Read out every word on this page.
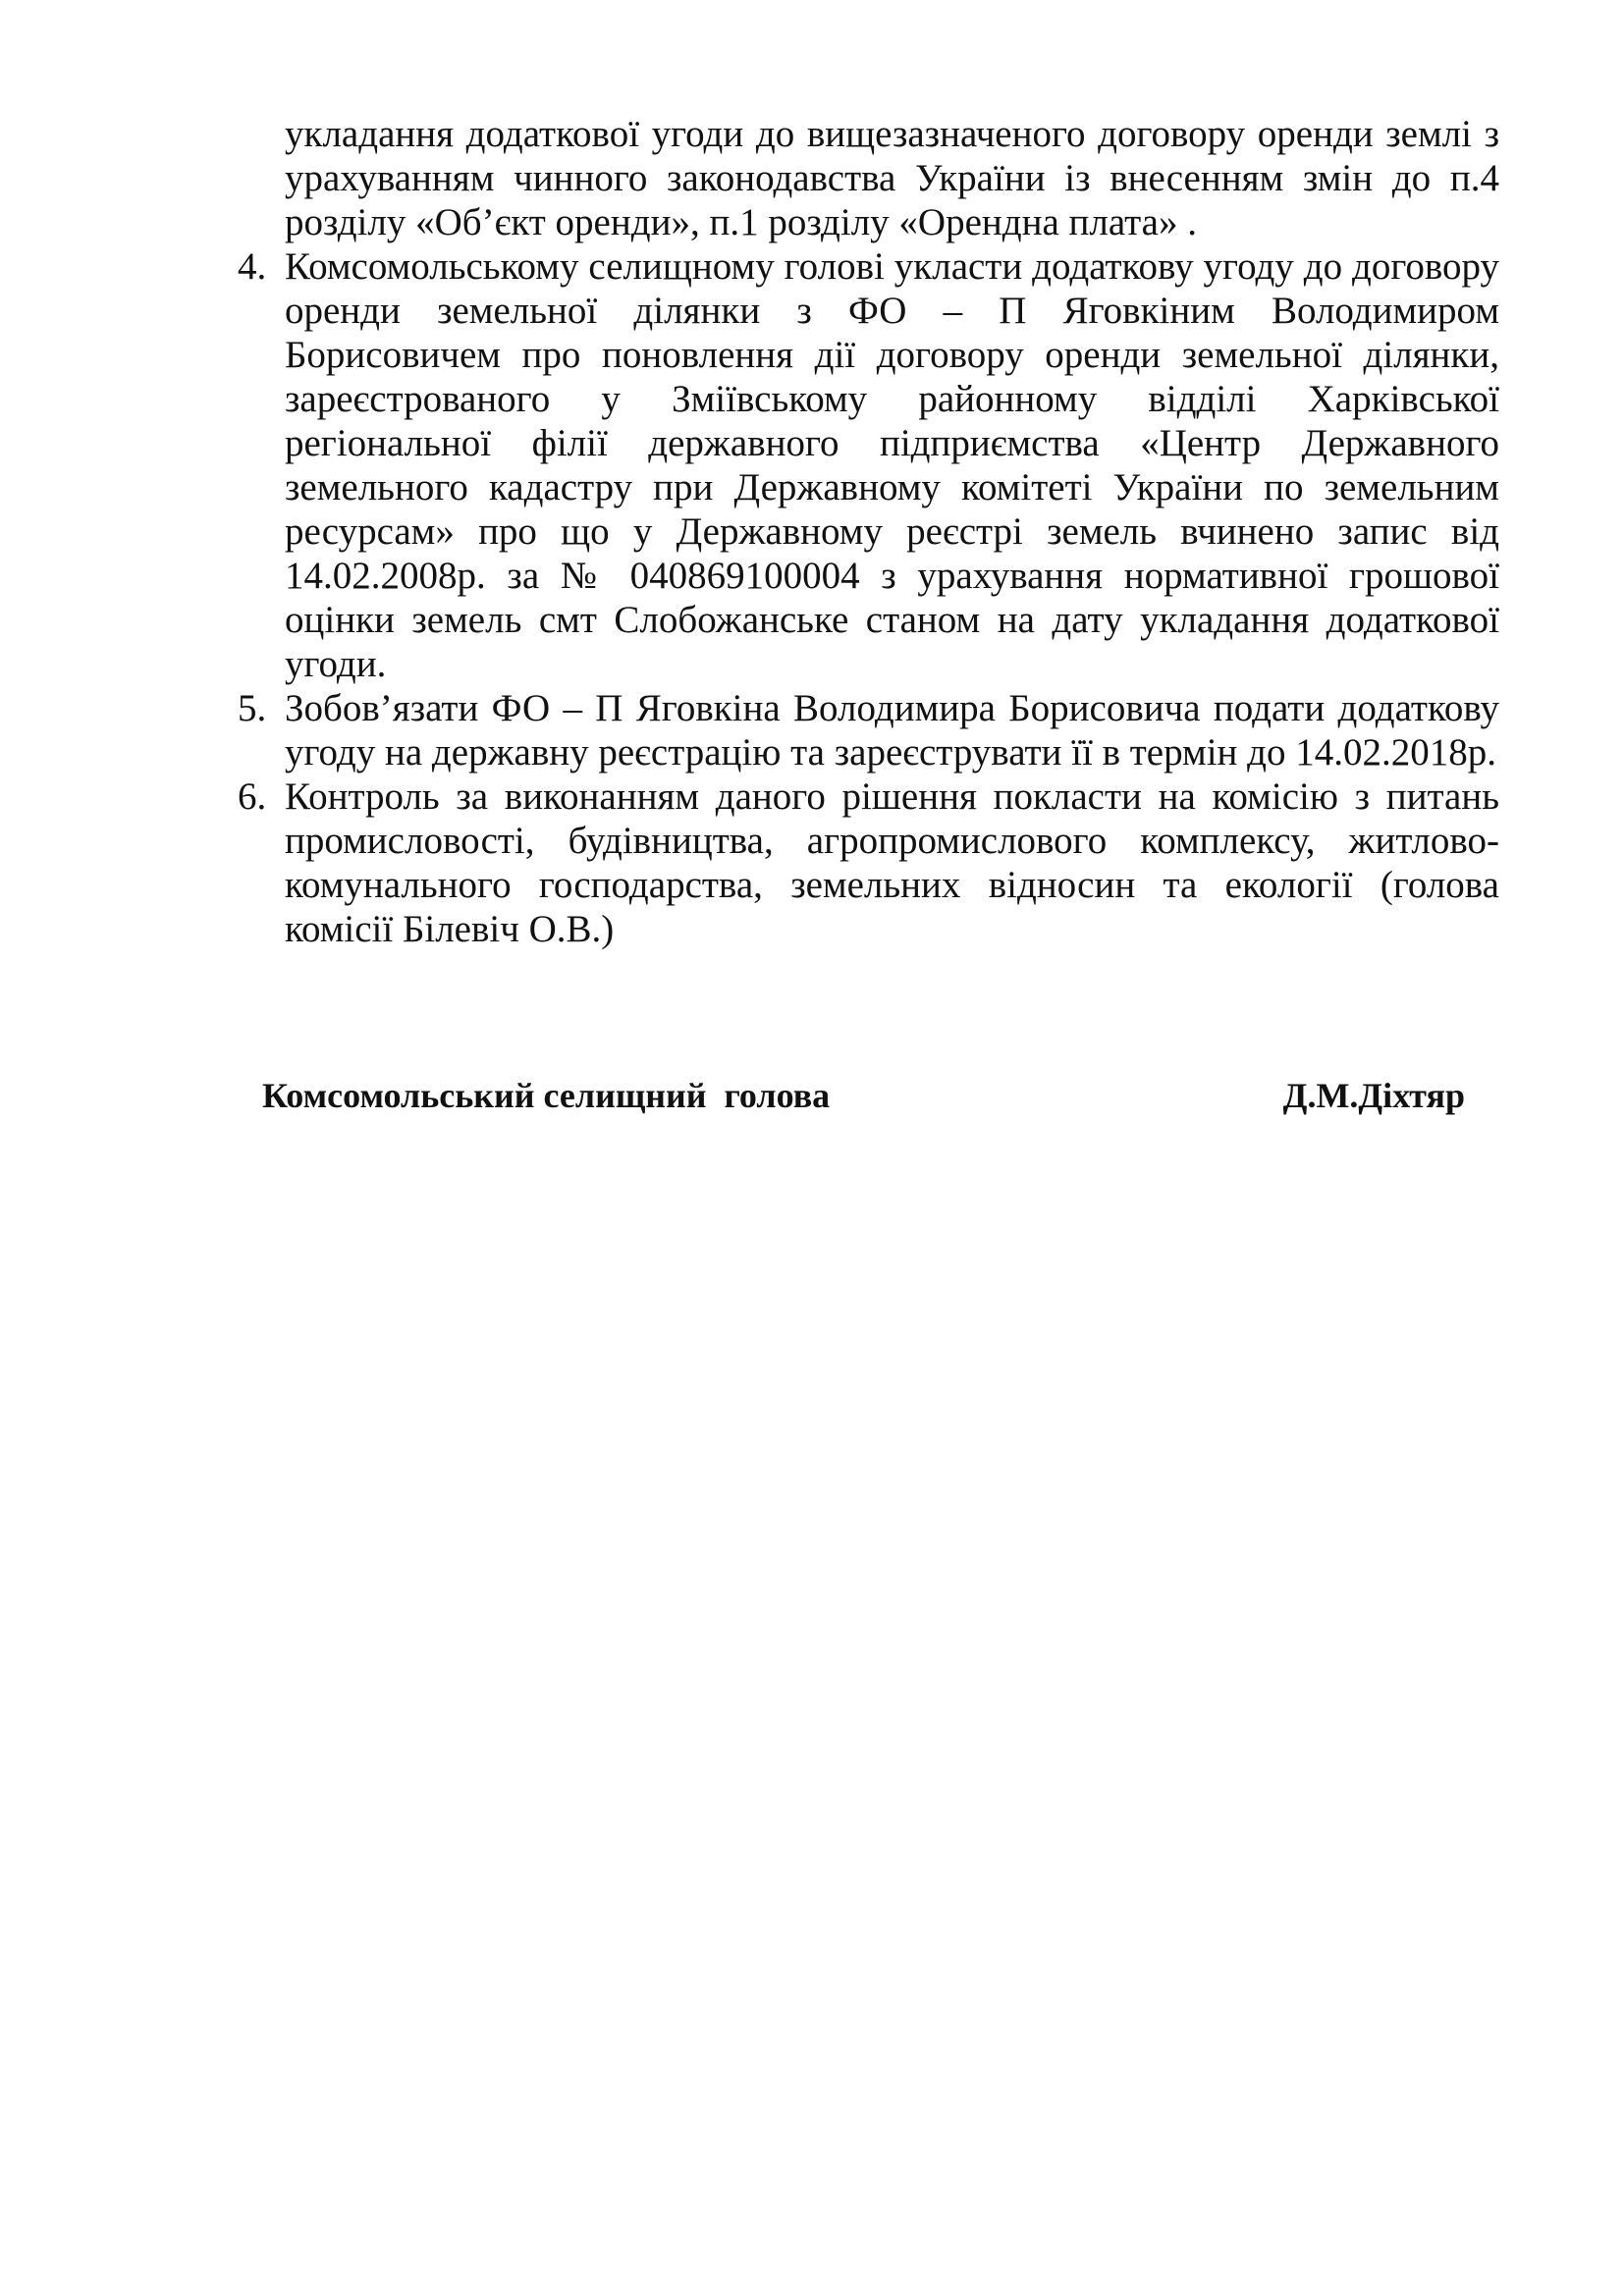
укладання додаткової угоди до вищезазначеного договору оренди землі з урахуванням чинного законодавства України із внесенням змін до п.4 розділу «Об’єкт оренди», п.1 розділу «Орендна плата» .

4. Комсомольському селищному голові укласти додаткову угоду до договору оренди земельної ділянки з ФО – П Яговкіним Володимиром Борисовичем про поновлення дії договору оренди земельної ділянки, зареєстрованого у Зміївському районному відділі Харківської регіональної філії державного підприємства «Центр Державного земельного кадастру при Державному комітеті України по земельним ресурсам» про що у Державному реєстрі земель вчинено запис від 14.02.2008р. за № 040869100004 з урахування нормативної грошової оцінки земель смт Слобожанське станом на дату укладання додаткової угоди.
5. Зобов’язати ФО – П Яговкіна Володимира Борисовича подати додаткову угоду на державну реєстрацію та зареєструвати її в термін до 14.02.2018р.
6. Контроль за виконанням даного рішення покласти на комісію з питань промисловості, будівництва, агропромислового комплексу, житлово-комунального господарства, земельних відносин та екології (голова комісії Білевіч О.В.)
Комсомольський селищний  голова	Д.М.Діхтяр
